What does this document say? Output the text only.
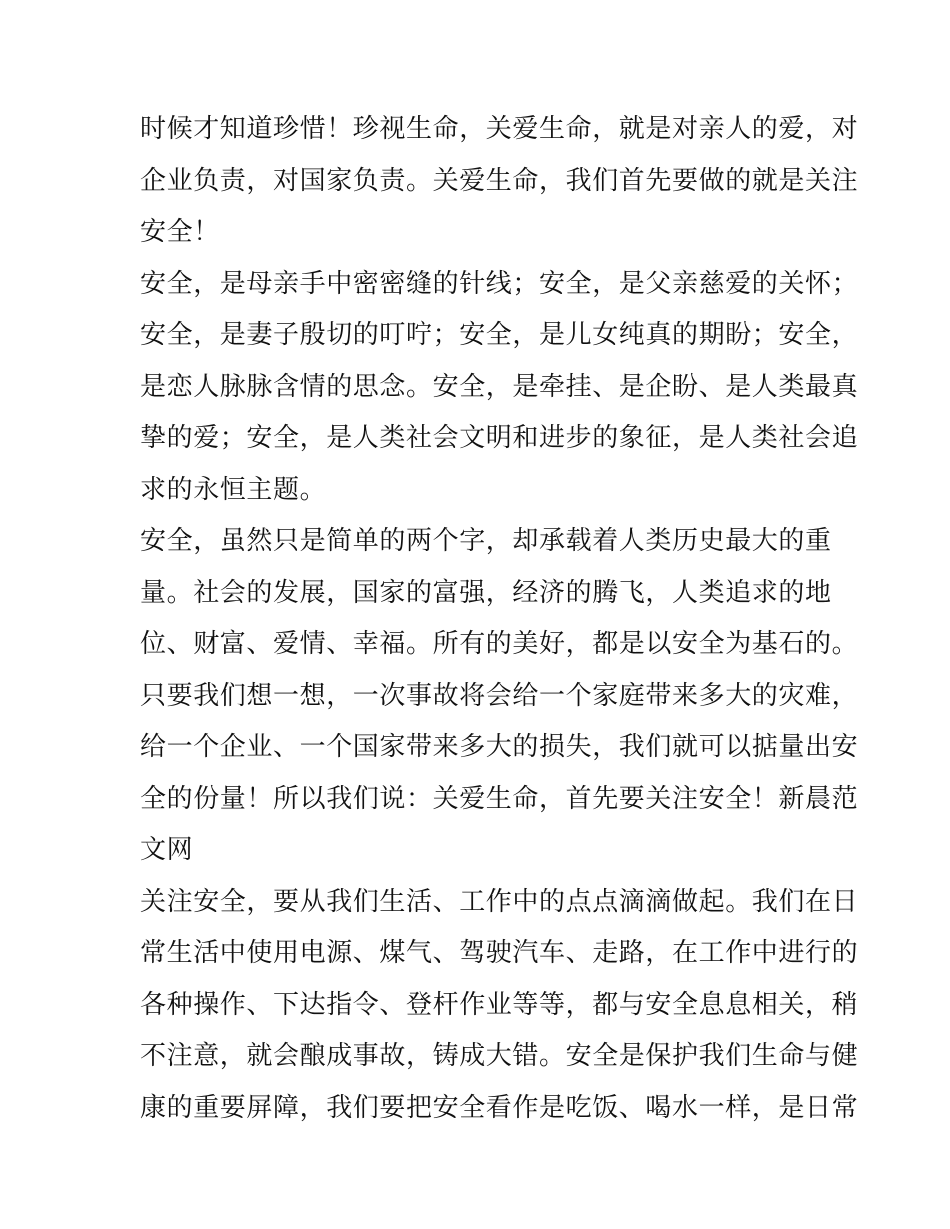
时候才知道珍惜！珍视生命，关爱生命，就是对亲人的爱，对
企业负责，对国家负责。关爱生命，我们首先要做的就是关注
安全！
安全，是母亲手中密密缝的针线；安全，是父亲慈爱的关怀；
安全，是妻子殷切的叮咛；安全，是儿女纯真的期盼；安全，
是恋人脉脉含情的思念。安全，是牵挂、是企盼、是人类最真
挚的爱；安全，是人类社会文明和进步的象征，是人类社会追
求的永恒主题。
安全，虽然只是简单的两个字，却承载着人类历史最大的重
量。社会的发展，国家的富强，经济的腾飞，人类追求的地
位、财富、爱情、幸福。所有的美好，都是以安全为基石的。
只要我们想一想，一次事故将会给一个家庭带来多大的灾难，
给一个企业、一个国家带来多大的损失，我们就可以掂量出安
全的份量！所以我们说：关爱生命，首先要关注安全！新晨范
文网
关注安全，要从我们生活、工作中的点点滴滴做起。我们在日
常生活中使用电源、煤气、驾驶汽车、走路，在工作中进行的
各种操作、下达指令、登杆作业等等，都与安全息息相关，稍
不注意，就会酿成事故，铸成大错。安全是保护我们生命与健
康的重要屏障，我们要把安全看作是吃饭、喝水一样，是日常
